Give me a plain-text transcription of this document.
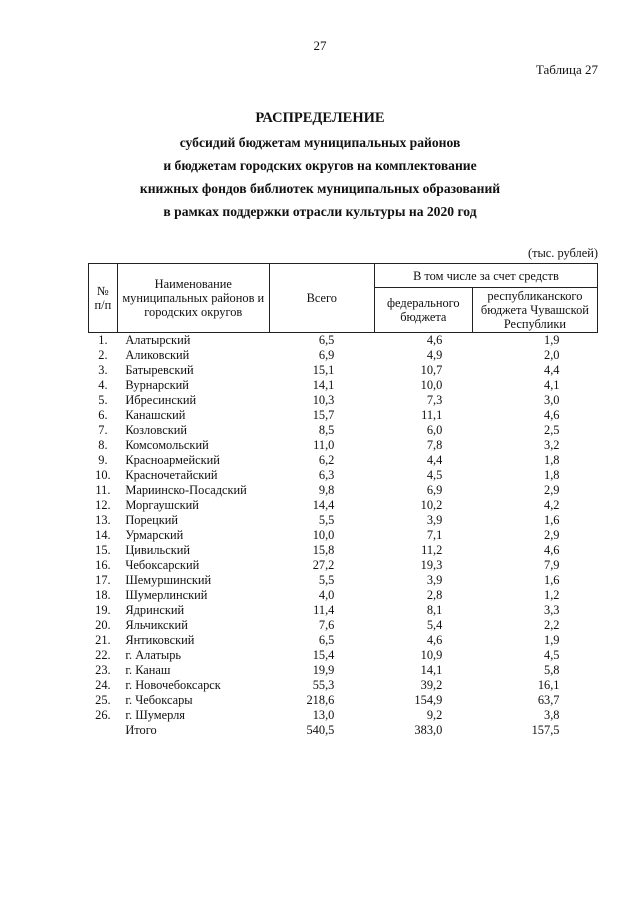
27
Таблица 27
РАСПРЕДЕЛЕНИЕ
субсидий бюджетам муниципальных районов
и бюджетам городских округов на комплектование
книжных фондов библиотек муниципальных образований
в рамках поддержки отрасли культуры на 2020 год
(тыс. рублей)
№ п/п	Наименование муниципальных районов и городских округов	Всего	В том числе за счет средств	
			федерального бюджета	республиканского бюджета Чувашской Республики
1.	Алатырский	6,5	4,6	1,9
2.	Аликовский	6,9	4,9	2,0
3.	Батыревский	15,1	10,7	4,4
4.	Вурнарский	14,1	10,0	4,1
5.	Ибресинский	10,3	7,3	3,0
6.	Канашский	15,7	11,1	4,6
7.	Козловский	8,5	6,0	2,5
8.	Комсомольский	11,0	7,8	3,2
9.	Красноармейский	6,2	4,4	1,8
10.	Красночетайский	6,3	4,5	1,8
11.	Мариинско-Посадский	9,8	6,9	2,9
12.	Моргаушский	14,4	10,2	4,2
13.	Порецкий	5,5	3,9	1,6
14.	Урмарский	10,0	7,1	2,9
15.	Цивильский	15,8	11,2	4,6
16.	Чебоксарский	27,2	19,3	7,9
17.	Шемуршинский	5,5	3,9	1,6
18.	Шумерлинский	4,0	2,8	1,2
19.	Ядринский	11,4	8,1	3,3
20.	Яльчикский	7,6	5,4	2,2
21.	Янтиковский	6,5	4,6	1,9
22.	г. Алатырь	15,4	10,9	4,5
23.	г. Канаш	19,9	14,1	5,8
24.	г. Новочебоксарск	55,3	39,2	16,1
25.	г. Чебоксары	218,6	154,9	63,7
26.	г. Шумерля	13,0	9,2	3,8
	Итого	540,5	383,0	157,5
